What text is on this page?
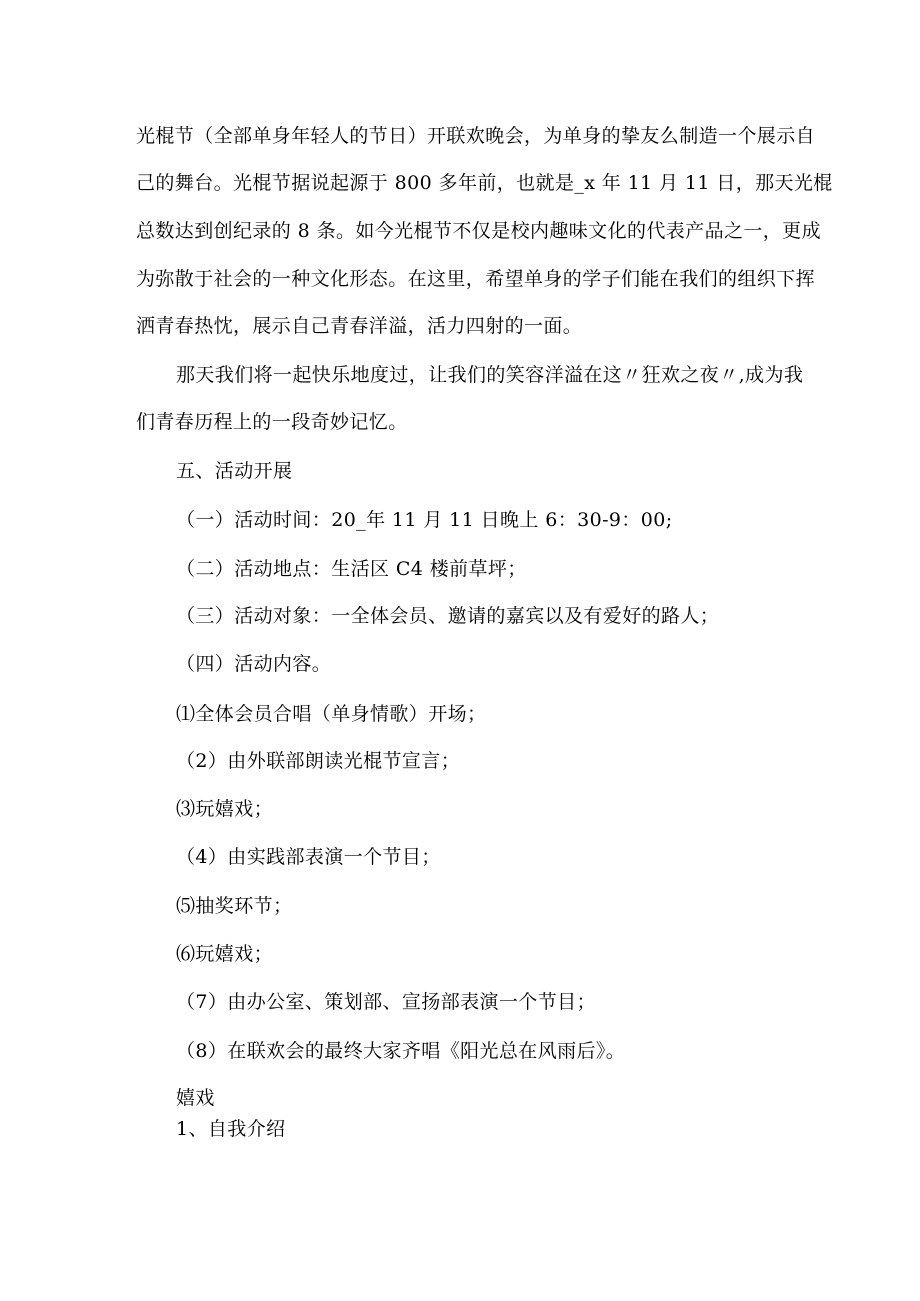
光棍节（全部单身年轻人的节日）开联欢晚会，为单身的挚友么制造一个展示自
己的舞台。光棍节据说起源于 800 多年前，也就是_x 年 11 月 11 日，那天光棍
总数达到创纪录的 8 条。如今光棍节不仅是校内趣味文化的代表产品之一，更成
为弥散于社会的一种文化形态。在这里，希望单身的学子们能在我们的组织下挥
洒青春热忱，展示自己青春洋溢，活力四射的一面。
那天我们将一起快乐地度过，让我们的笑容洋溢在这〃狂欢之夜〃,成为我
们青春历程上的一段奇妙记忆。
五、活动开展
（一）活动时间：20_年 11 月 11 日晚上 6：30-9：00;
（二）活动地点：生活区 C4 楼前草坪；
（三）活动对象：一全体会员、邀请的嘉宾以及有爱好的路人；
（四）活动内容。
⑴全体会员合唱（单身情歌）开场；
（2）由外联部朗读光棍节宣言；
⑶玩嬉戏；
（4）由实践部表演一个节目；
⑸抽奖环节；
⑹玩嬉戏；
（7）由办公室、策划部、宣扬部表演一个节目；
（8）在联欢会的最终大家齐唱《阳光总在风雨后》。
嬉戏
1、自我介绍
